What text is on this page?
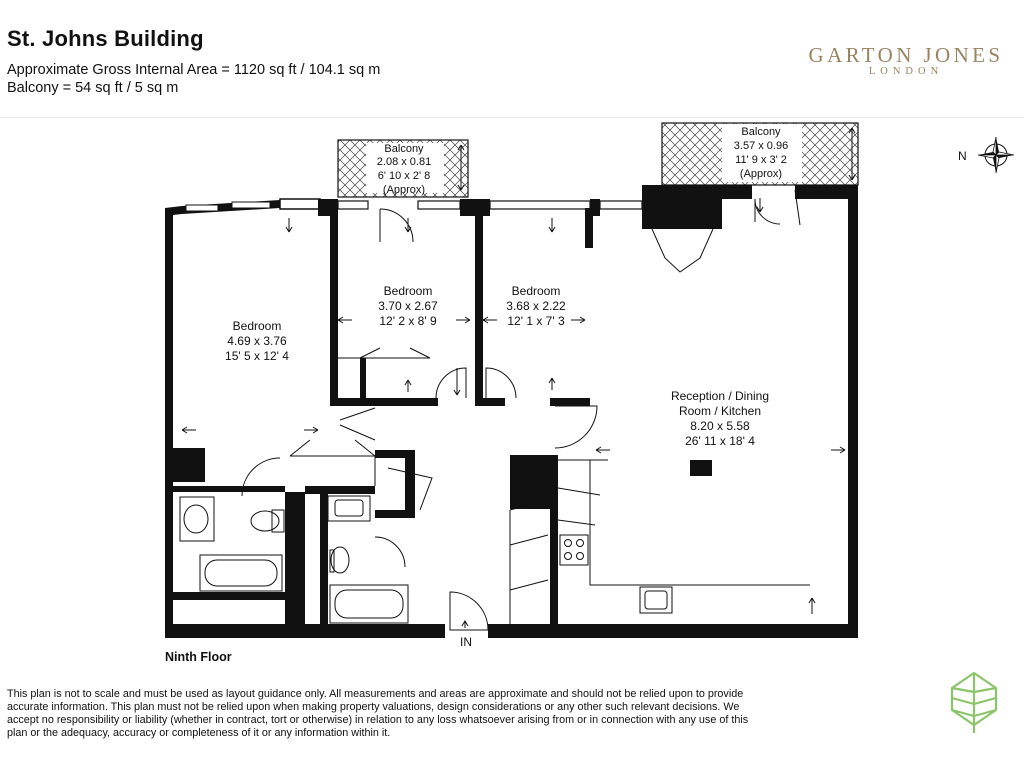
St. Johns Building
Approximate Gross Internal Area = 1120 sq ft / 104.1 sq m
Balcony = 54 sq ft / 5 sq m
GARTON JONES
LONDON
Balcony
2.08 x 0.81
6' 10 x 2' 8
(Approx)
Balcony
3.57 x 0.96
11' 9 x 3' 2
(Approx)
Bedroom
4.69 x 3.76
15' 5 x 12' 4
Bedroom
3.70 x 2.67
12' 2 x 8' 9
Bedroom
3.68 x 2.22
12' 1 x 7' 3
Reception / Dining
Room / Kitchen
8.20 x 5.58
26' 11 x 18' 4
IN
N
Ninth Floor
This plan is not to scale and must be used as layout guidance only. All measurements and areas are approximate and should not be relied upon to provide accurate information. This plan must not be relied upon when making property valuations, design considerations or any other such relevant decisions. We accept no responsibility or liability (whether in contract, tort or otherwise) in relation to any loss whatsoever arising from or in connection with any use of this plan or the adequacy, accuracy or completeness of it or any information within it.
